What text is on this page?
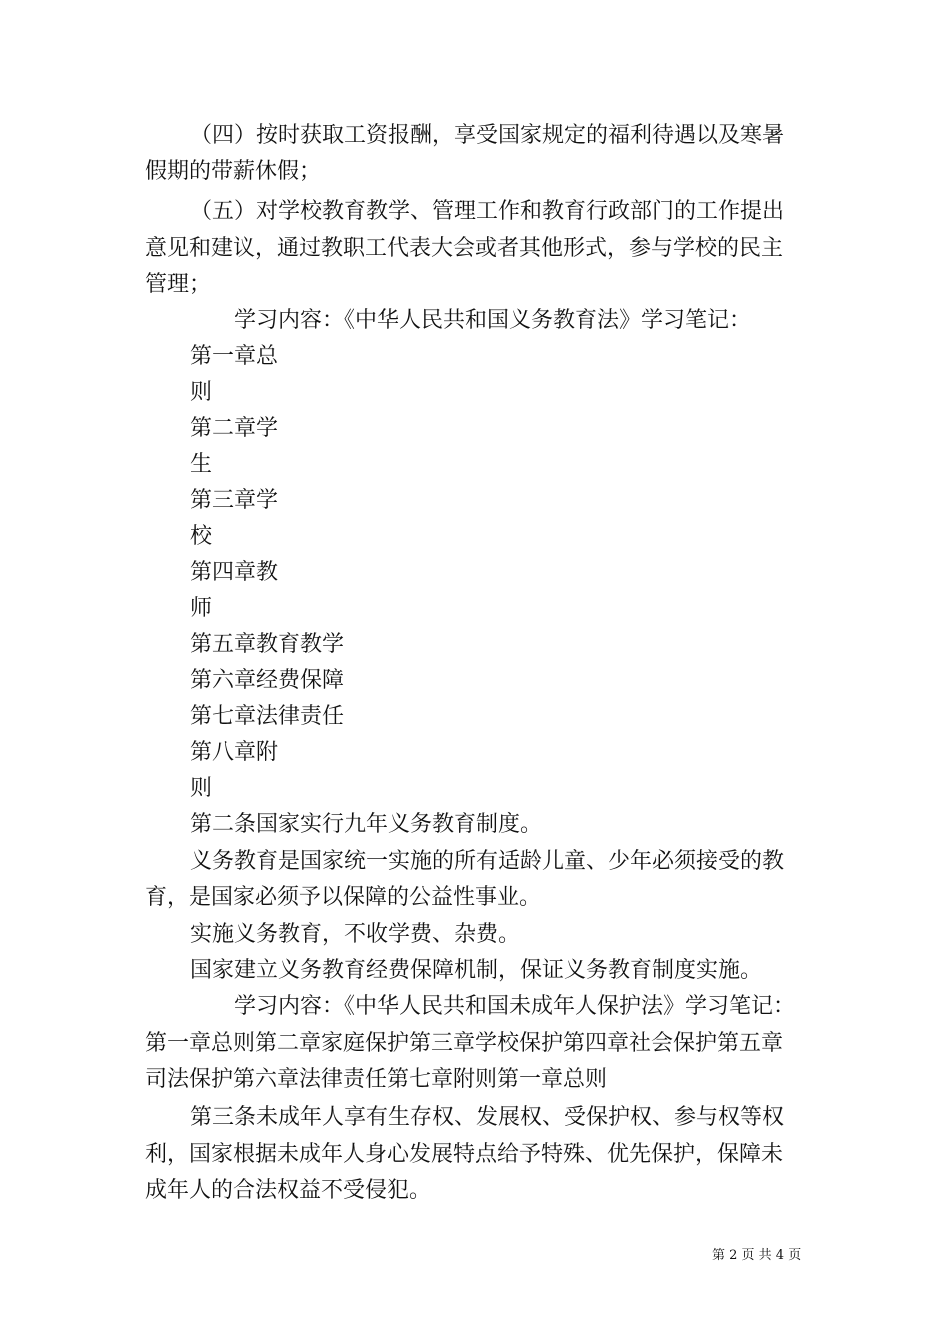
（四）按时获取工资报酬，享受国家规定的福利待遇以及寒暑

假期的带薪休假；

（五）对学校教育教学、管理工作和教育行政部门的工作提出

意见和建议，通过教职工代表大会或者其他形式，参与学校的民主

管理；

学习内容：《中华人民共和国义务教育法》学习笔记：

第一章总

则

第二章学

生

第三章学

校

第四章教

师

第五章教育教学

第六章经费保障

第七章法律责任

第八章附

则

第二条国家实行九年义务教育制度。

义务教育是国家统一实施的所有适龄儿童、少年必须接受的教

育，是国家必须予以保障的公益性事业。

实施义务教育，不收学费、杂费。

国家建立义务教育经费保障机制，保证义务教育制度实施。

学习内容：《中华人民共和国未成年人保护法》学习笔记：

第一章总则第二章家庭保护第三章学校保护第四章社会保护第五章

司法保护第六章法律责任第七章附则第一章总则

第三条未成年人享有生存权、发展权、受保护权、参与权等权

利，国家根据未成年人身心发展特点给予特殊、优先保护，保障未

成年人的合法权益不受侵犯。

第 2 页 共 4 页
